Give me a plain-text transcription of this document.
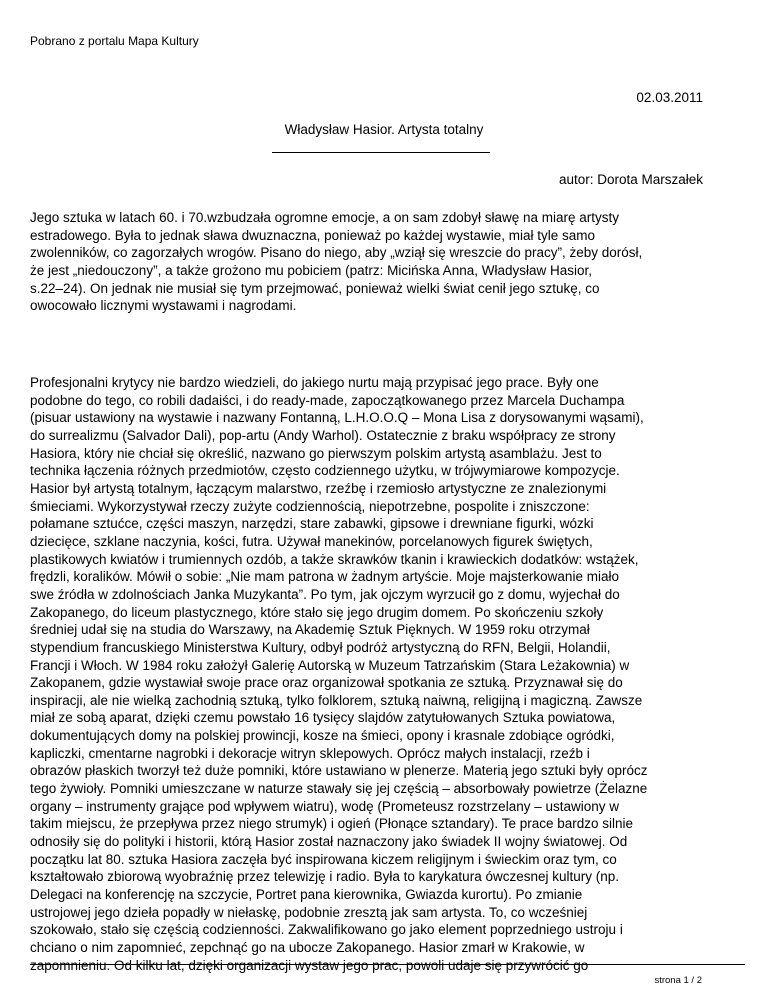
Pobrano z portalu Mapa Kultury
02.03.2011
Władysław Hasior. Artysta totalny
autor: Dorota Marszałek
Jego sztuka w latach 60. i 70.wzbudzała ogromne emocje, a on sam zdobył sławę na miarę artysty
estradowego. Była to jednak sława dwuznaczna, ponieważ po każdej wystawie, miał tyle samo
zwolenników, co zagorzałych wrogów. Pisano do niego, aby „wziął się wreszcie do pracy”, żeby dorósł,
że jest „niedouczony”, a także grożono mu pobiciem (patrz: Micińska Anna, Władysław Hasior,
s.22–24). On jednak nie musiał się tym przejmować, ponieważ wielki świat cenił jego sztukę, co
owocowało licznymi wystawami i nagrodami.
Profesjonalni krytycy nie bardzo wiedzieli, do jakiego nurtu mają przypisać jego prace. Były one
podobne do tego, co robili dadaiści, i do ready-made, zapoczątkowanego przez Marcela Duchampa
(pisuar ustawiony na wystawie i nazwany Fontanną, L.H.O.O.Q – Mona Lisa z dorysowanymi wąsami),
do surrealizmu (Salvador Dali), pop-artu (Andy Warhol). Ostatecznie z braku współpracy ze strony
Hasiora, który nie chciał się określić, nazwano go pierwszym polskim artystą asamblażu. Jest to
technika łączenia różnych przedmiotów, często codziennego użytku, w trójwymiarowe kompozycje.
Hasior był artystą totalnym, łączącym malarstwo, rzeźbę i rzemiosło artystyczne ze znalezionymi
śmieciami. Wykorzystywał rzeczy zużyte codziennością, niepotrzebne, pospolite i zniszczone:
połamane sztućce, części maszyn, narzędzi, stare zabawki, gipsowe i drewniane figurki, wózki
dziecięce, szklane naczynia, kości, futra. Używał manekinów, porcelanowych figurek świętych,
plastikowych kwiatów i trumiennych ozdób, a także skrawków tkanin i krawieckich dodatków: wstążek,
frędzli, koralików. Mówił o sobie: „Nie mam patrona w żadnym artyście. Moje majsterkowanie miało
swe źródła w zdolnościach Janka Muzykanta”. Po tym, jak ojczym wyrzucił go z domu, wyjechał do
Zakopanego, do liceum plastycznego, które stało się jego drugim domem. Po skończeniu szkoły
średniej udał się na studia do Warszawy, na Akademię Sztuk Pięknych. W 1959 roku otrzymał
stypendium francuskiego Ministerstwa Kultury, odbył podróż artystyczną do RFN, Belgii, Holandii,
Francji i Włoch. W 1984 roku założył Galerię Autorską w Muzeum Tatrzańskim (Stara Leżakownia) w
Zakopanem, gdzie wystawiał swoje prace oraz organizował spotkania ze sztuką. Przyznawał się do
inspiracji, ale nie wielką zachodnią sztuką, tylko folklorem, sztuką naiwną, religijną i magiczną. Zawsze
miał ze sobą aparat, dzięki czemu powstało 16 tysięcy slajdów zatytułowanych Sztuka powiatowa,
dokumentujących domy na polskiej prowincji, kosze na śmieci, opony i krasnale zdobiące ogródki,
kapliczki, cmentarne nagrobki i dekoracje witryn sklepowych. Oprócz małych instalacji, rzeźb i
obrazów płaskich tworzył też duże pomniki, które ustawiano w plenerze. Materią jego sztuki były oprócz
tego żywioły. Pomniki umieszczane w naturze stawały się jej częścią – absorbowały powietrze (Żelazne
organy – instrumenty grające pod wpływem wiatru), wodę (Prometeusz rozstrzelany – ustawiony w
takim miejscu, że przepływa przez niego strumyk) i ogień (Płonące sztandary). Te prace bardzo silnie
odnosiły się do polityki i historii, którą Hasior został naznaczony jako świadek II wojny światowej. Od
początku lat 80. sztuka Hasiora zaczęła być inspirowana kiczem religijnym i świeckim oraz tym, co
kształtowało zbiorową wyobraźnię przez telewizję i radio. Była to karykatura ówczesnej kultury (np.
Delegaci na konferencję na szczycie, Portret pana kierownika, Gwiazda kurortu). Po zmianie
ustrojowej jego dzieła popadły w niełaskę, podobnie zresztą jak sam artysta. To, co wcześniej
szokowało, stało się częścią codzienności. Zakwalifikowano go jako element poprzedniego ustroju i
chciano o nim zapomnieć, zepchnąć go na ubocze Zakopanego. Hasior zmarł w Krakowie, w
zapomnieniu. Od kilku lat, dzięki organizacji wystaw jego prac, powoli udaje się przywrócić go
strona 1 / 2
